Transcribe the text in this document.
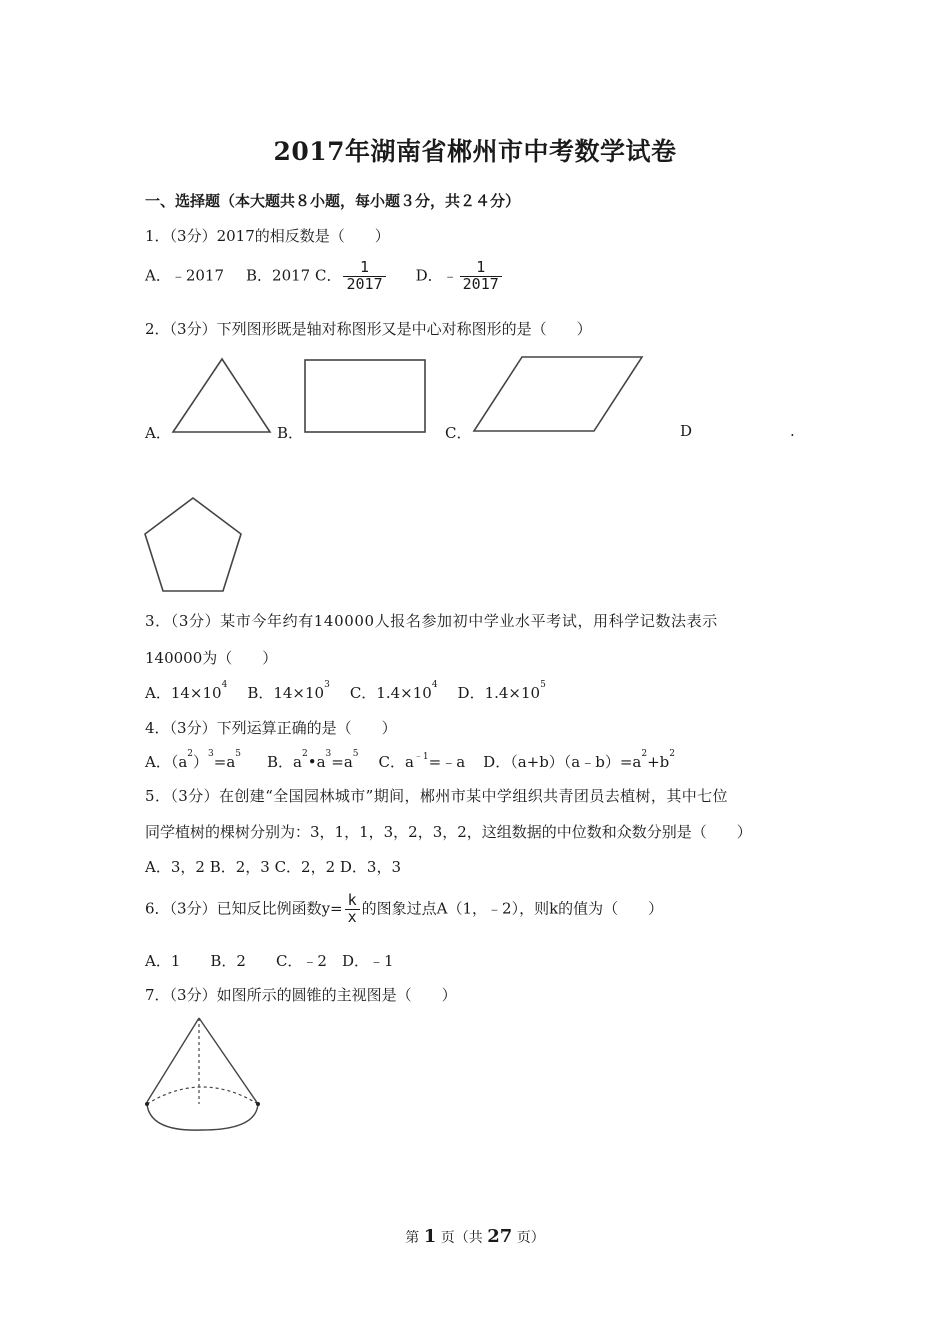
2017年湖南省郴州市中考数学试卷
一、选择题（本大题共８小题，每小题３分，共２４分）
1．（3分）2017的相反数是（　　）
A．﹣2017 B．2017 C． $\frac{1}{2017}$ D．﹣ $\frac{1}{2017}$
2．（3分）下列图形既是轴对称图形又是中心对称图形的是（　　）
A．	B．	C．	D	.
3．（3分）某市今年约有140000人报名参加初中学业水平考试，用科学记数法表示
140000为（　　）
A．$14\times 10^4$ B．$14\times 10^3$ C．$1.4\times 10^4$ D．$1.4\times 10^5$
4．（3分）下列运算正确的是（　　）
A．$(a^2)^3=a^5$ B．$a^2•a^3=a^5$ C．$a^{﹣1}=﹣a$ D．$(a+b)(a﹣b)=a^2+b^2$
5．（3分）在创建“全国园林城市”期间，郴州市某中学组织共青团员去植树，其中七位
同学植树的棵树分别为：3，1，1，3，2，3，2，这组数据的中位数和众数分别是（　　）
A．3，2 B．2，3 C．2，2 D．3，3
6．（3分）已知反比例函数$y= \frac{k}{x}$ 的图象过点A（1，﹣2），则k的值为（　　）
A．1　　B．2　　C．﹣2　D．﹣1
7．（3分）如图所示的圆锥的主视图是（　　）
第 1 页（共 27 页）
